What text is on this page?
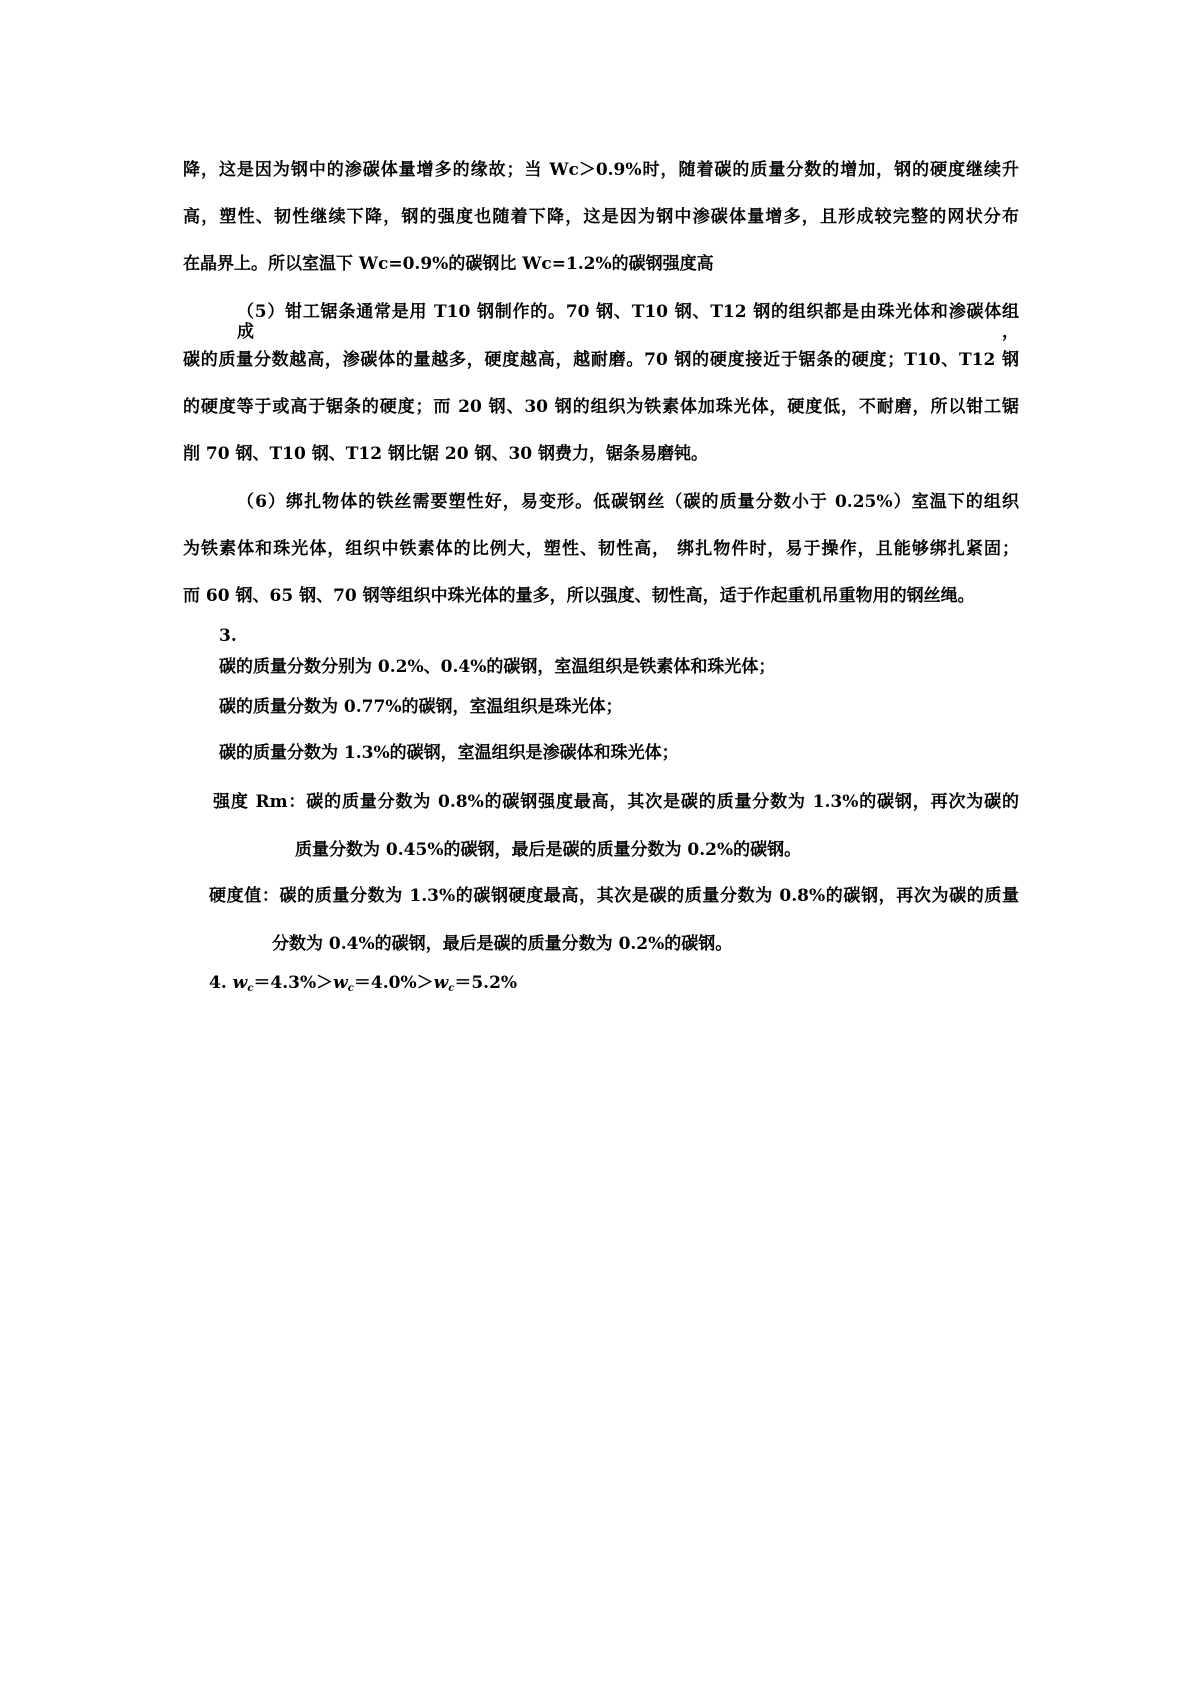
降，这是因为钢中的渗碳体量增多的缘故；当 Wc＞0.9%时，随着碳的质量分数的增加，钢的硬度继续升
高，塑性、韧性继续下降，钢的强度也随着下降，这是因为钢中渗碳体量增多，且形成较完整的网状分布
在晶界上。所以室温下 Wc=0.9%的碳钢比 Wc=1.2%的碳钢强度高
（5）钳工锯条通常是用 T10 钢制作的。70 钢、T10 钢、T12 钢的组织都是由珠光体和渗碳体组成，
碳的质量分数越高，渗碳体的量越多，硬度越高，越耐磨。70 钢的硬度接近于锯条的硬度；T10、T12 钢
的硬度等于或高于锯条的硬度；而 20 钢、30 钢的组织为铁素体加珠光体，硬度低，不耐磨，所以钳工锯
削 70 钢、T10 钢、T12 钢比锯 20 钢、30 钢费力，锯条易磨钝。
（6）绑扎物体的铁丝需要塑性好，易变形。低碳钢丝（碳的质量分数小于 0.25%）室温下的组织
为铁素体和珠光体，组织中铁素体的比例大，塑性、韧性高， 绑扎物件时，易于操作，且能够绑扎紧固；
而 60 钢、65 钢、70 钢等组织中珠光体的量多，所以强度、韧性高，适于作起重机吊重物用的钢丝绳。
3.
碳的质量分数分别为 0.2%、0.4%的碳钢，室温组织是铁素体和珠光体；
碳的质量分数为 0.77%的碳钢，室温组织是珠光体；
碳的质量分数为 1.3%的碳钢，室温组织是渗碳体和珠光体；
强度 Rm：碳的质量分数为 0.8%的碳钢强度最高，其次是碳的质量分数为 1.3%的碳钢，再次为碳的
质量分数为 0.45%的碳钢，最后是碳的质量分数为 0.2%的碳钢。
硬度值：碳的质量分数为 1.3%的碳钢硬度最高，其次是碳的质量分数为 0.8%的碳钢，再次为碳的质量
分数为 0.4%的碳钢，最后是碳的质量分数为 0.2%的碳钢。
4. $w_c=4.3\%>w_c=4.0\%>w_c=5.2\%$
